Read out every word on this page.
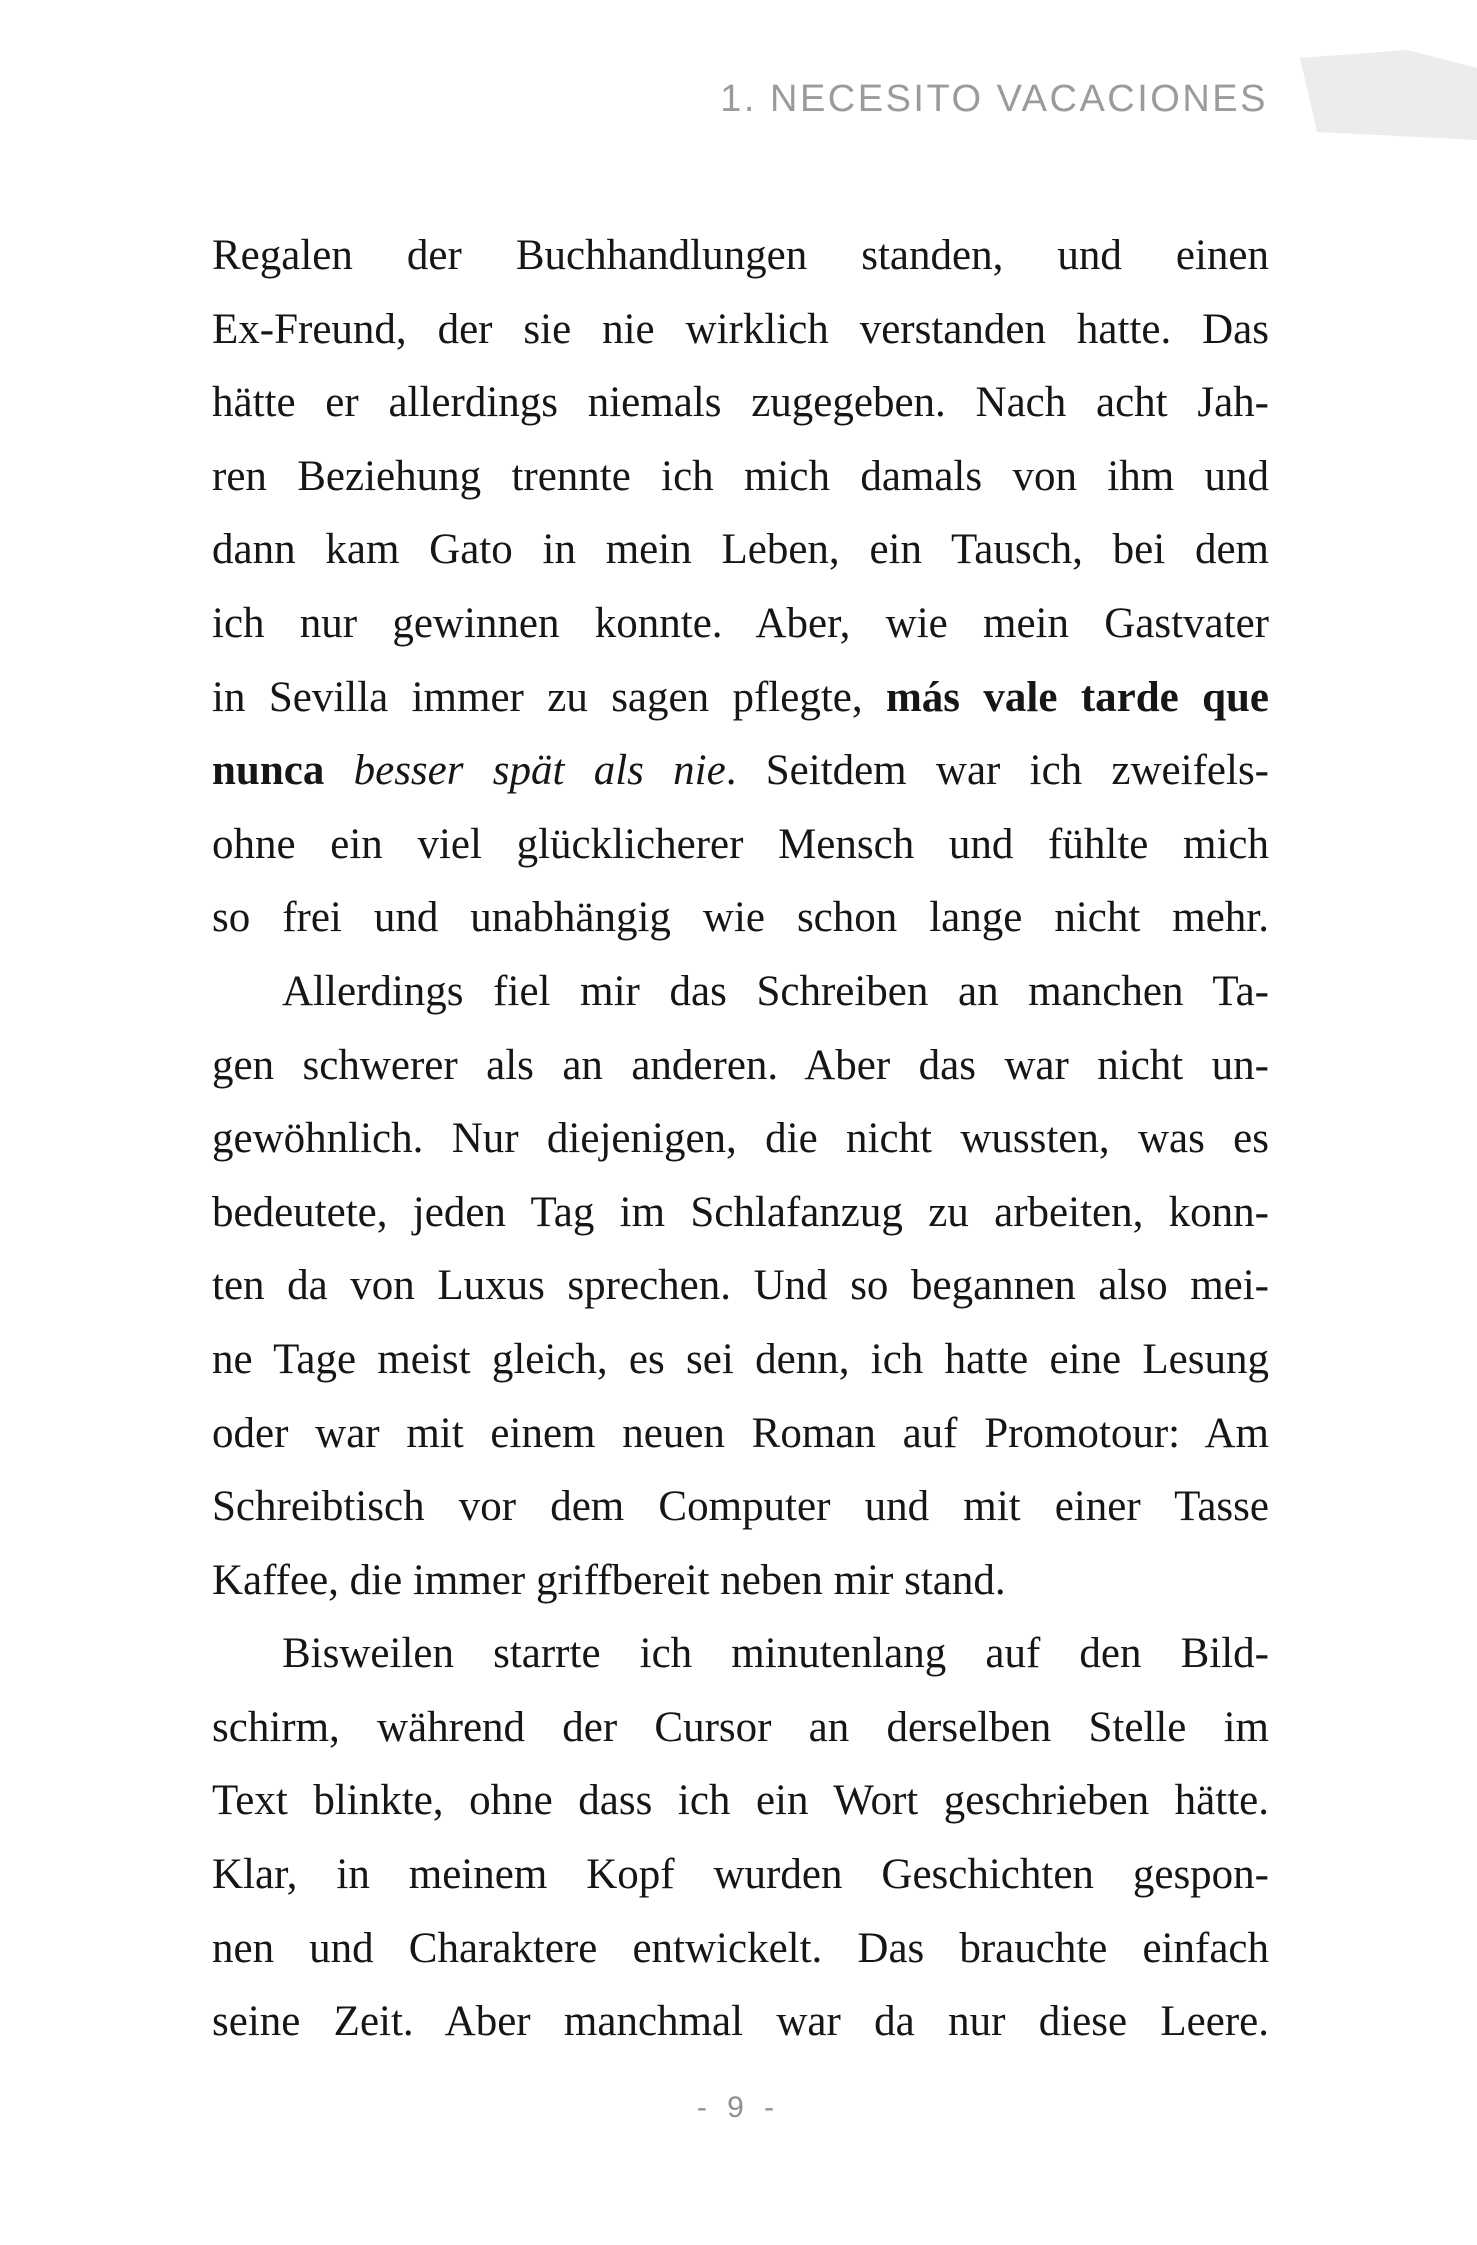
1. NECESITO VACACIONES
Regalen der Buchhandlungen standen, und einen
Ex-Freund, der sie nie wirklich verstanden hatte. Das
hätte er allerdings niemals zugegeben. Nach acht Jah-
ren Beziehung trennte ich mich damals von ihm und
dann kam Gato in mein Leben, ein Tausch, bei dem
ich nur gewinnen konnte. Aber, wie mein Gastvater
in Sevilla immer zu sagen pflegte, más vale tarde que
nunca besser spät als nie. Seitdem war ich zweifels-
ohne ein viel glücklicherer Mensch und fühlte mich
so frei und unabhängig wie schon lange nicht mehr.
Allerdings fiel mir das Schreiben an manchen Ta-
gen schwerer als an anderen. Aber das war nicht un-
gewöhnlich. Nur diejenigen, die nicht wussten, was es
bedeutete, jeden Tag im Schlafanzug zu arbeiten, konn-
ten da von Luxus sprechen. Und so begannen also mei-
ne Tage meist gleich, es sei denn, ich hatte eine Lesung
oder war mit einem neuen Roman auf Promotour: Am
Schreibtisch vor dem Computer und mit einer Tasse
Kaffee, die immer griffbereit neben mir stand.
Bisweilen starrte ich minutenlang auf den Bild-
schirm, während der Cursor an derselben Stelle im
Text blinkte, ohne dass ich ein Wort geschrieben hätte.
Klar, in meinem Kopf wurden Geschichten gespon-
nen und Charaktere entwickelt. Das brauchte einfach
seine Zeit. Aber manchmal war da nur diese Leere.
- 9 -
